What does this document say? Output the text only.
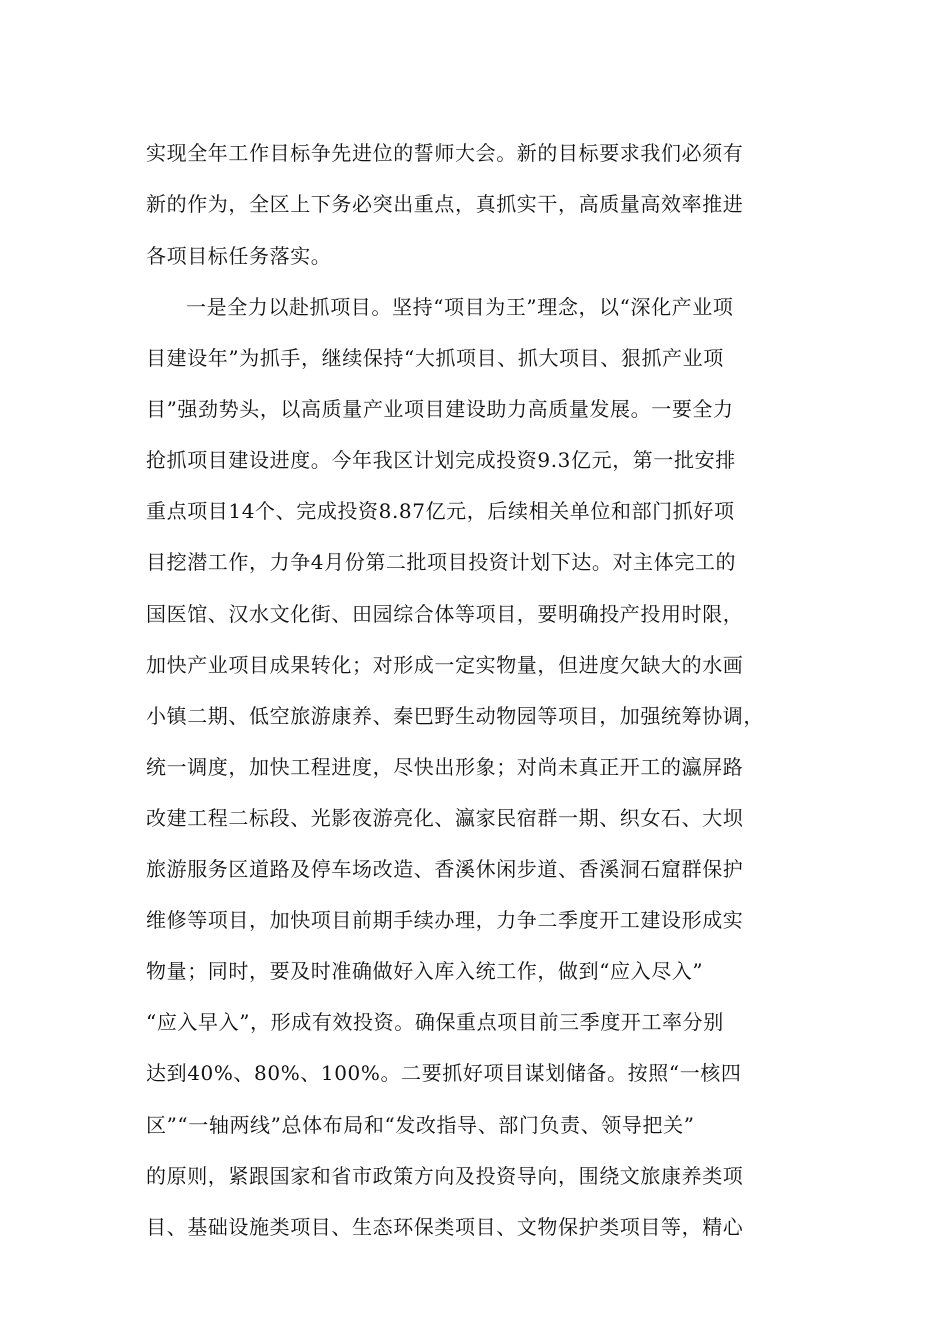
实现全年工作目标争先进位的誓师大会。新的目标要求我们必须有
新的作为，全区上下务必突出重点，真抓实干，高质量高效率推进
各项目标任务落实。
一是全力以赴抓项目。坚持“项目为王”理念，以“深化产业项
目建设年”为抓手，继续保持“大抓项目、抓大项目、狠抓产业项
目”强劲势头，以高质量产业项目建设助力高质量发展。一要全力
抢抓项目建设进度。今年我区计划完成投资9.3亿元，第一批安排
重点项目14个、完成投资8.87亿元，后续相关单位和部门抓好项
目挖潜工作，力争4月份第二批项目投资计划下达。对主体完工的
国医馆、汉水文化街、田园综合体等项目，要明确投产投用时限，
加快产业项目成果转化；对形成一定实物量，但进度欠缺大的水画
小镇二期、低空旅游康养、秦巴野生动物园等项目，加强统筹协调，
统一调度，加快工程进度，尽快出形象；对尚未真正开工的瀛屏路
改建工程二标段、光影夜游亮化、瀛家民宿群一期、织女石、大坝
旅游服务区道路及停车场改造、香溪休闲步道、香溪洞石窟群保护
维修等项目，加快项目前期手续办理，力争二季度开工建设形成实
物量；同时，要及时准确做好入库入统工作，做到“应入尽入”
“应入早入”，形成有效投资。确保重点项目前三季度开工率分别
达到40%、80%、100%。二要抓好项目谋划储备。按照“一核四
区”“一轴两线”总体布局和“发改指导、部门负责、领导把关”
的原则，紧跟国家和省市政策方向及投资导向，围绕文旅康养类项
目、基础设施类项目、生态环保类项目、文物保护类项目等，精心
